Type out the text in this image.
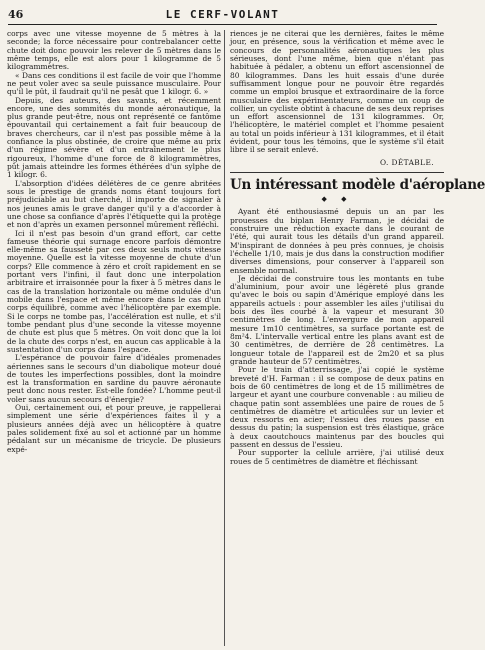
46	LE CERF-VOLANT

corps avec une vitesse moyenne de 5 mètres à la seconde; la force nécessaire pour contrebalancer cette chute doit donc pouvoir les relever de 5 mètres dans le même temps, elle est alors pour 1 kilogramme de 5 kilogrammètres.

« Dans ces conditions il est facile de voir que l'homme ne peut voler avec sa seule puissance musculaire. Pour qu'il le pût, il faudrait qu'il ne pesât que 1 kilogr. 6. »

Depuis, des auteurs, des savants, et récemment encore, une des sommités du monde aéronautique, la plus grande peut-être, nous ont représenté ce fantôme épouvantail qui certainement a fait fuir beaucoup de braves chercheurs, car il n'est pas possible même à la confiance la plus obstinée, de croire que même au prix d'un régime sévère et d'un entraînement le plus rigoureux, l'homme d'une force de 8 kilogrammètres, pût jamais atteindre les formes éthérées d'un sylphe de 1 kilogr. 6.

L'absorption d'idées délétères de ce genre abritées sous le prestige de grands noms étant toujours fort préjudiciable au but cherché, il importe de signaler à nos jeunes amis le grave danger qu'il y a d'accorder à une chose sa confiance d'après l'étiquette qui la protège et non d'après un examen personnel mûrement réfléchi.

Ici il n'est pas besoin d'un grand effort, car cette fameuse théorie qui surnage encore parfois démontre elle-même sa fausseté par ces deux seuls mots vitesse moyenne. Quelle est la vitesse moyenne de chute d'un corps? Elle commence à zéro et croît rapidement en se portant vers l'infini, il faut donc une interpolation arbitraire et irraisonnée pour la fixer à 5 mètres dans le cas de la translation horizontale ou même ondulée d'un mobile dans l'espace et même encore dans le cas d'un corps équilibré, comme avec l'hélicoptère par exemple. Si le corps ne tombe pas, l'accélération est nulle, et s'il tombe pendant plus d'une seconde la vitesse moyenne de chute est plus que 5 mètres. On voit donc que la loi de la chute des corps n'est, en aucun cas applicable à la sustentation d'un corps dans l'espace.

L'espérance de pouvoir faire d'idéales promenades aériennes sans le secours d'un diabolique moteur doué de toutes les imperfections possibles, dont la moindre est la transformation en sardine du pauvre aéronaute peut donc nous rester. Est-elle fondée? L'homme peut-il voler sans aucun secours d'énergie?

Oui, certainement oui, et pour preuve, je rappellerai simplement une série d'expériences faites il y a plusieurs années déjà avec un hélicoptère à quatre pales solidement fixé au sol et actionné par un homme pédalant sur un mécanisme de tricycle. De plusieurs expé-

riences je ne citerai que les dernières, faites le même jour, en présence, sous la vérification et même avec le concours de personnalités aéronautiques les plus sérieuses, dont l'une même, bien que n'étant pas habituée à pédaler, a obtenu un effort ascensionnel de 80 kilogrammes. Dans les huit essais d'une durée suffisamment longue pour ne pouvoir être regardés comme un emploi brusque et extraordinaire de la force musculaire des expérimentateurs, comme un coup de collier, un cycliste obtint à chacune de ses deux reprises un effort ascensionnel de 131 kilogrammes. Or, l'hélicoptère, le matériel complet et l'homme pesaient au total un poids inférieur à 131 kilogrammes, et il était évident, pour tous les témoins, que le système s'il était libre il se serait enlevé.

O. DÉTABLE.

Un intéressant modèle d'aéroplane
◆ ◆

Ayant été enthousiasmé depuis un an par les prouesses du biplan Henry Farman, je décidai de construire une réduction exacte dans le courant de l'été, qui aurait tous les détails d'un grand appareil. M'inspirant de données à peu près connues, je choisis l'échelle 1/10, mais je dus dans la construction modifier diverses dimensions, pour conserver à l'appareil son ensemble normal.

Je décidai de construire tous les montants en tube d'aluminium, pour avoir une légèreté plus grande qu'avec le bois ou sapin d'Amérique employé dans les appareils actuels : pour assembler les ailes j'utilisai du bois des îles courbé à la vapeur et mesurant 30 centimètres de long. L'envergure de mon appareil mesure 1m10 centimètres, sa surface portante est de 8m²4. L'intervalle vertical entre les plans avant est de 30 centimètres, de derrière de 28 centimètres. La longueur totale de l'appareil est de 2m20 et sa plus grande hauteur de 57 centimètres.

Pour le train d'atterrissage, j'ai copié le système breveté d'H. Farman : il se compose de deux patins en bois de 60 centimètres de long et de 15 millimètres de largeur et ayant une courbure convenable : au milieu de chaque patin sont assemblées une paire de roues de 5 centimètres de diamètre et articulées sur un levier et deux ressorts en acier; l'essieu des roues passe en dessus du patin; la suspension est très élastique, grâce à deux caoutchoucs maintenus par des boucles qui passent en dessus de l'essieu.

Pour supporter la cellule arrière, j'ai utilisé deux roues de 5 centimètres de diamètre et fléchissant
